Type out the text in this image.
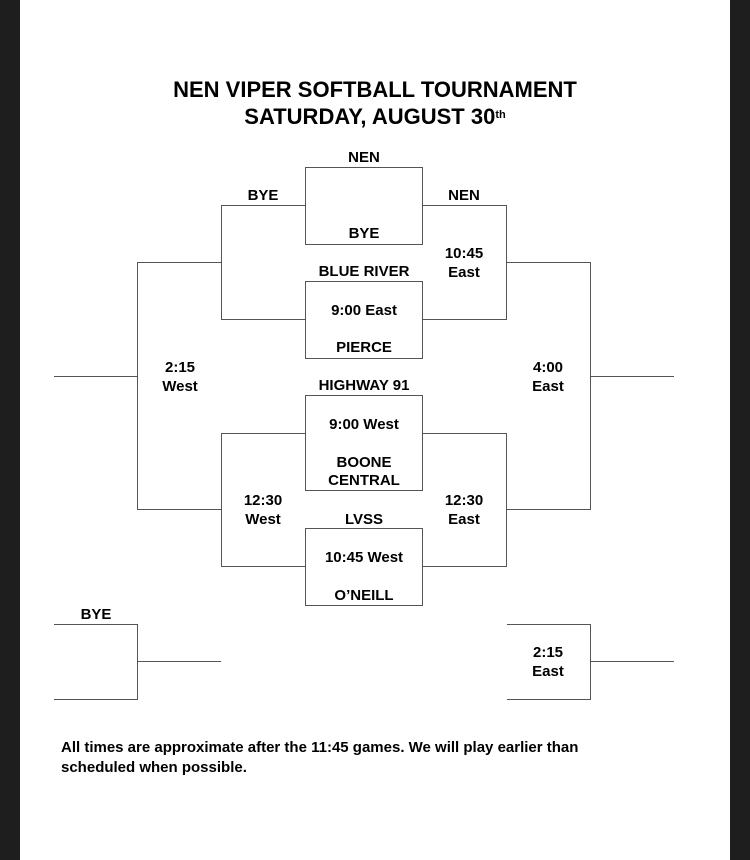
NEN VIPER SOFTBALL TOURNAMENT
SATURDAY, AUGUST 30th
NEN
BYE
BLUE RIVER
9:00 East
PIERCE
HIGHWAY 91
9:00 West
BOONE
CENTRAL
LVSS
10:45 West
O’NEILL
BYE	NEN
10:45
East
12:30
West
12:30
East
2:15
West
4:00
East
BYE
2:15
East
All times are approximate after the 11:45 games. We will play earlier than
scheduled when possible.
